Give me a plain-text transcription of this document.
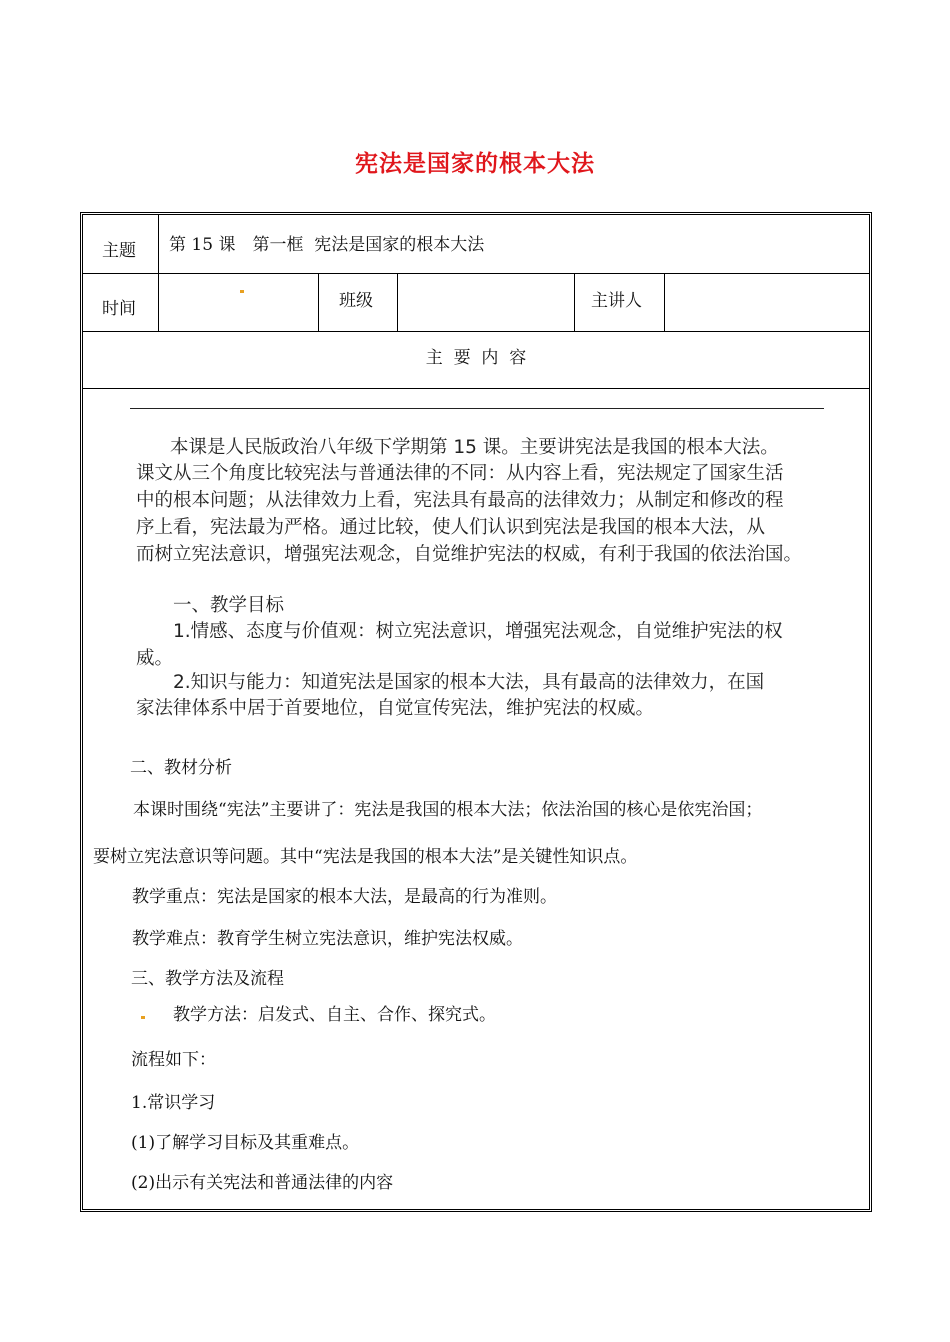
宪法是国家的根本大法
主题 第 15 课　第一框  宪法是国家的根本大法
时间	班级	主讲人
主  要  内  容
本课是人民版政治八年级下学期第 15 课。主要讲宪法是我国的根本大法。
课文从三个角度比较宪法与普通法律的不同：从内容上看，宪法规定了国家生活
中的根本问题；从法律效力上看，宪法具有最高的法律效力；从制定和修改的程
序上看，宪法最为严格。通过比较，使人们认识到宪法是我国的根本大法，从
而树立宪法意识，增强宪法观念，自觉维护宪法的权威，有利于我国的依法治国。
一、教学目标
1.情感、态度与价值观：树立宪法意识，增强宪法观念，自觉维护宪法的权
威。
2.知识与能力：知道宪法是国家的根本大法，具有最高的法律效力，在国
家法律体系中居于首要地位，自觉宣传宪法，维护宪法的权威。
二、教材分析
本课时围绕“宪法”主要讲了：宪法是我国的根本大法；依法治国的核心是依宪治国；
要树立宪法意识等问题。其中“宪法是我国的根本大法”是关键性知识点。
教学重点：宪法是国家的根本大法，是最高的行为准则。
教学难点：教育学生树立宪法意识，维护宪法权威。
三、教学方法及流程
教学方法：启发式、自主、合作、探究式。
流程如下：
1.常识学习
(1)了解学习目标及其重难点。
(2)出示有关宪法和普通法律的内容
